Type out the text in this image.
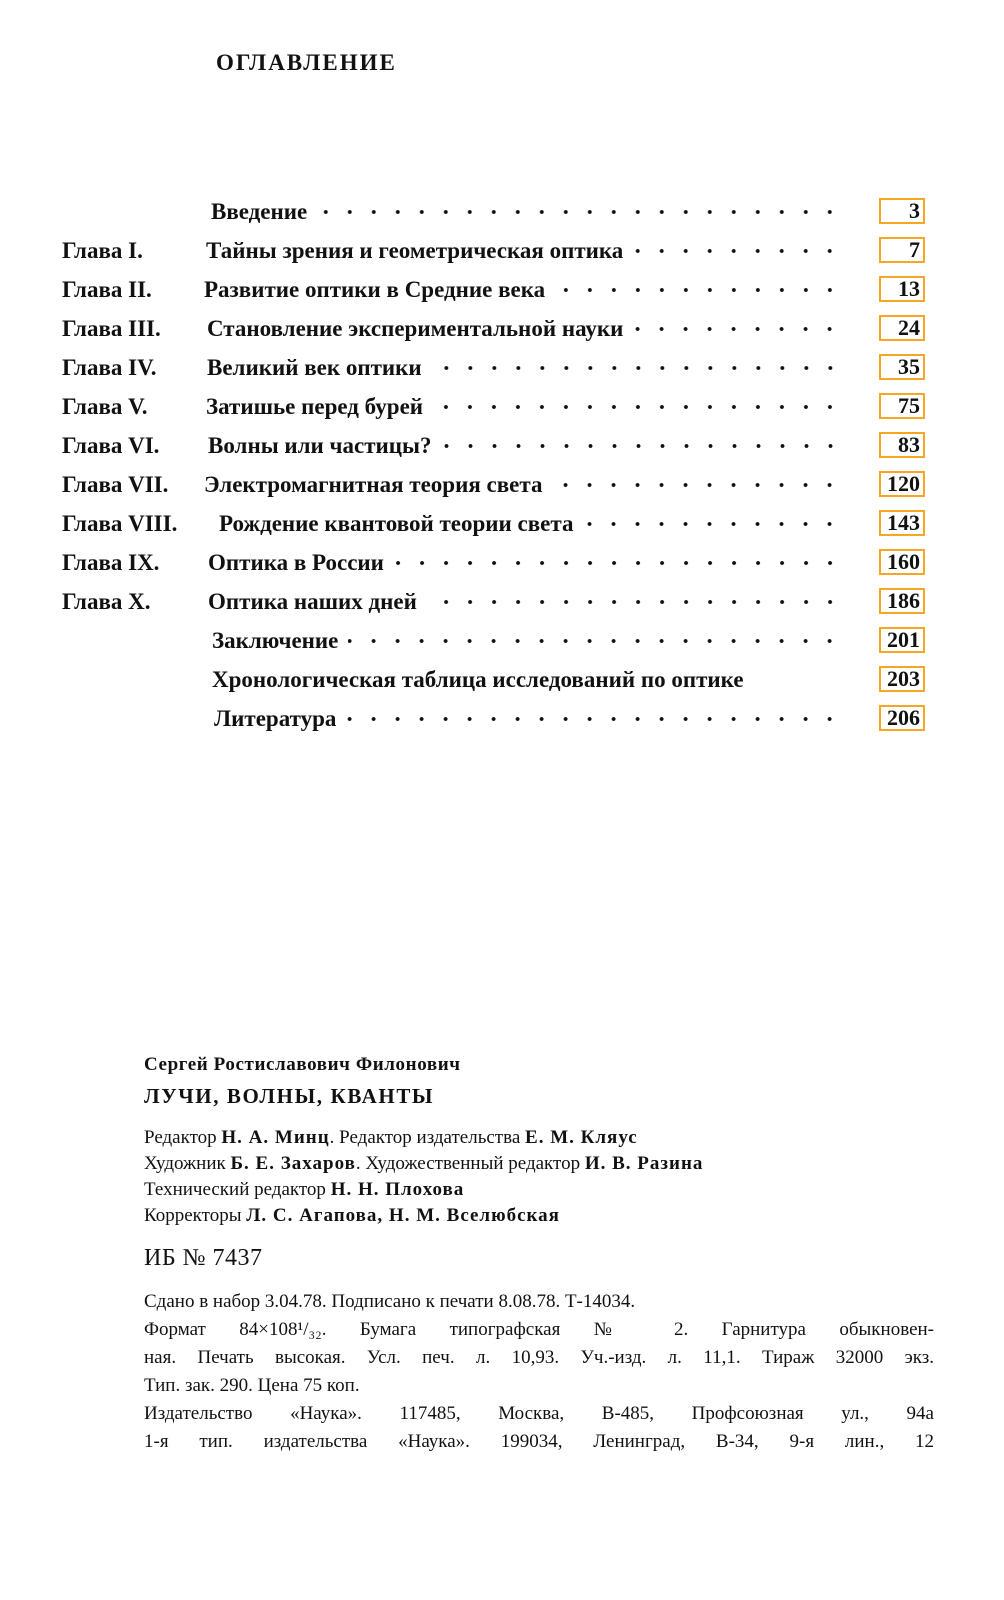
ОГЛАВЛЕНИЕ
Введение	3
Глава I.	Тайны зрения и геометрическая оптика	7
Глава II. Развитие оптики в Средние века	13
Глава III. Становление экспериментальной науки	24
Глава IV. Великий век оптики	35
Глава V.	Затишье перед бурей	75
Глава VI. Волны или частицы?	83
Глава VII. Электромагнитная теория света	120
Глава VIII. Рождение квантовой теории света	143
Глава IX. Оптика в России	160
Глава X.	Оптика наших дней	186
Заключение	201
Хронологическая таблица исследований по оптике	203
Литература	206

Сергей Ростиславович Филонович

ЛУЧИ, ВОЛНЫ, КВАНТЫ

Редактор Н. А. Минц. Редактор издательства Е. М. Кляус

Художник Б. Е. Захаров. Художественный редактор И. В. Разина

Технический редактор Н. Н. Плохова

Корректоры Л. С. Агапова, Н. М. Вселюбская

ИБ № 7437

Сдано в набор 3.04.78. Подписано к печати 8.08.78. Т-14034.

Формат 84×108¹/₃₂. Бумага типографская № 2. Гарнитура обыкновен-

ная. Печать высокая. Усл. печ. л. 10,93. Уч.-изд. л. 11,1. Тираж 32000 экз.

Тип. зак. 290. Цена 75 коп.

Издательство «Наука». 117485, Москва, В-485, Профсоюзная ул., 94а

1-я тип. издательства «Наука». 199034, Ленинград, В-34, 9-я лин., 12
